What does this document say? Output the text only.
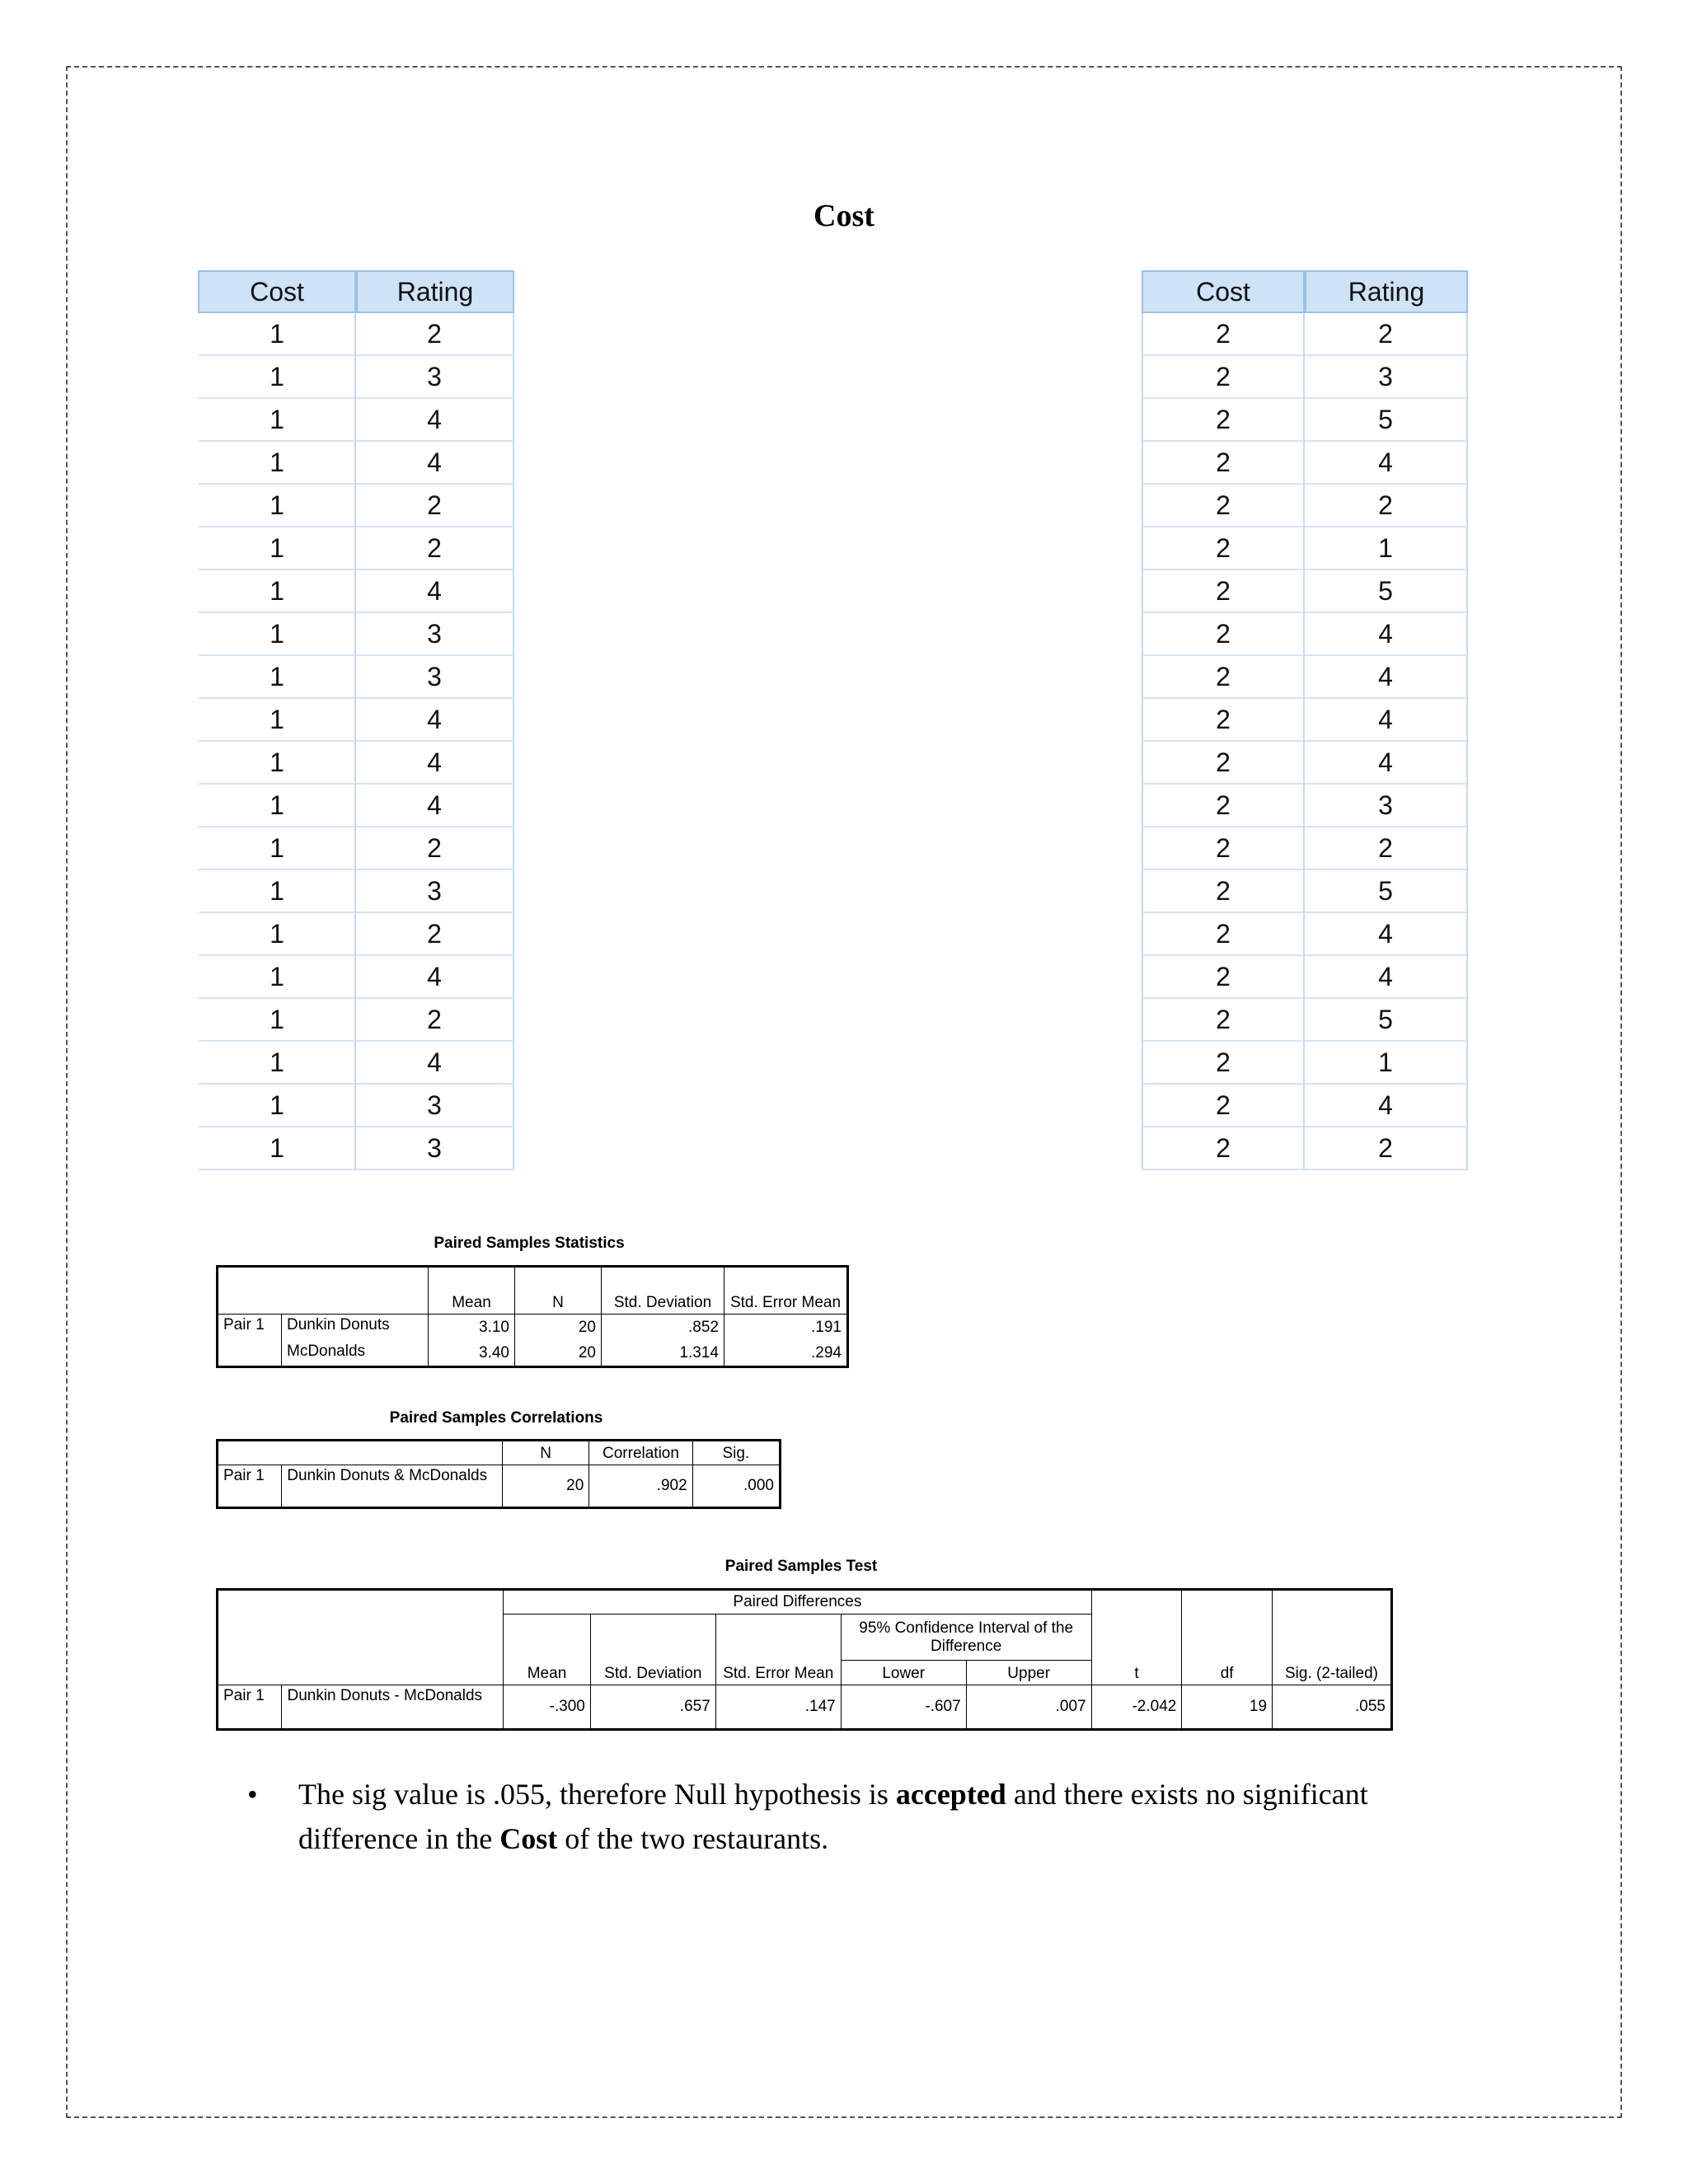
Cost
Cost	Rating
1	2
1	3
1	4
1	4
1	2
1	2
1	4
1	3
1	3
1	4
1	4
1	4
1	2
1	3
1	2
1	4
1	2
1	4
1	3
1	3
Cost	Rating
2	2
2	3
2	5
2	4
2	2
2	1
2	5
2	4
2	4
2	4
2	4
2	3
2	2
2	5
2	4
2	4
2	5
2	1
2	4
2	2
Paired Samples Statistics
		Mean	N	Std. Deviation	Std. Error Mean
Pair 1	Dunkin Donuts	3.10	20	.852	.191
	McDonalds	3.40	20	1.314	.294
Paired Samples Correlations
		N	Correlation	Sig.
Pair 1	Dunkin Donuts & McDonalds	20	.902	.000
Paired Samples Test
		Paired Differences					t	df	Sig. (2-tailed)
		Mean	Std. Deviation	Std. Error Mean	95% Confidence Interval of the Difference				
					Lower	Upper			
Pair 1	Dunkin Donuts - McDonalds	-.300	.657	.147	-.607	.007	-2.042	19	.055
• The sig value is .055, therefore Null hypothesis is accepted and there exists no significant difference in the Cost of the two restaurants.
